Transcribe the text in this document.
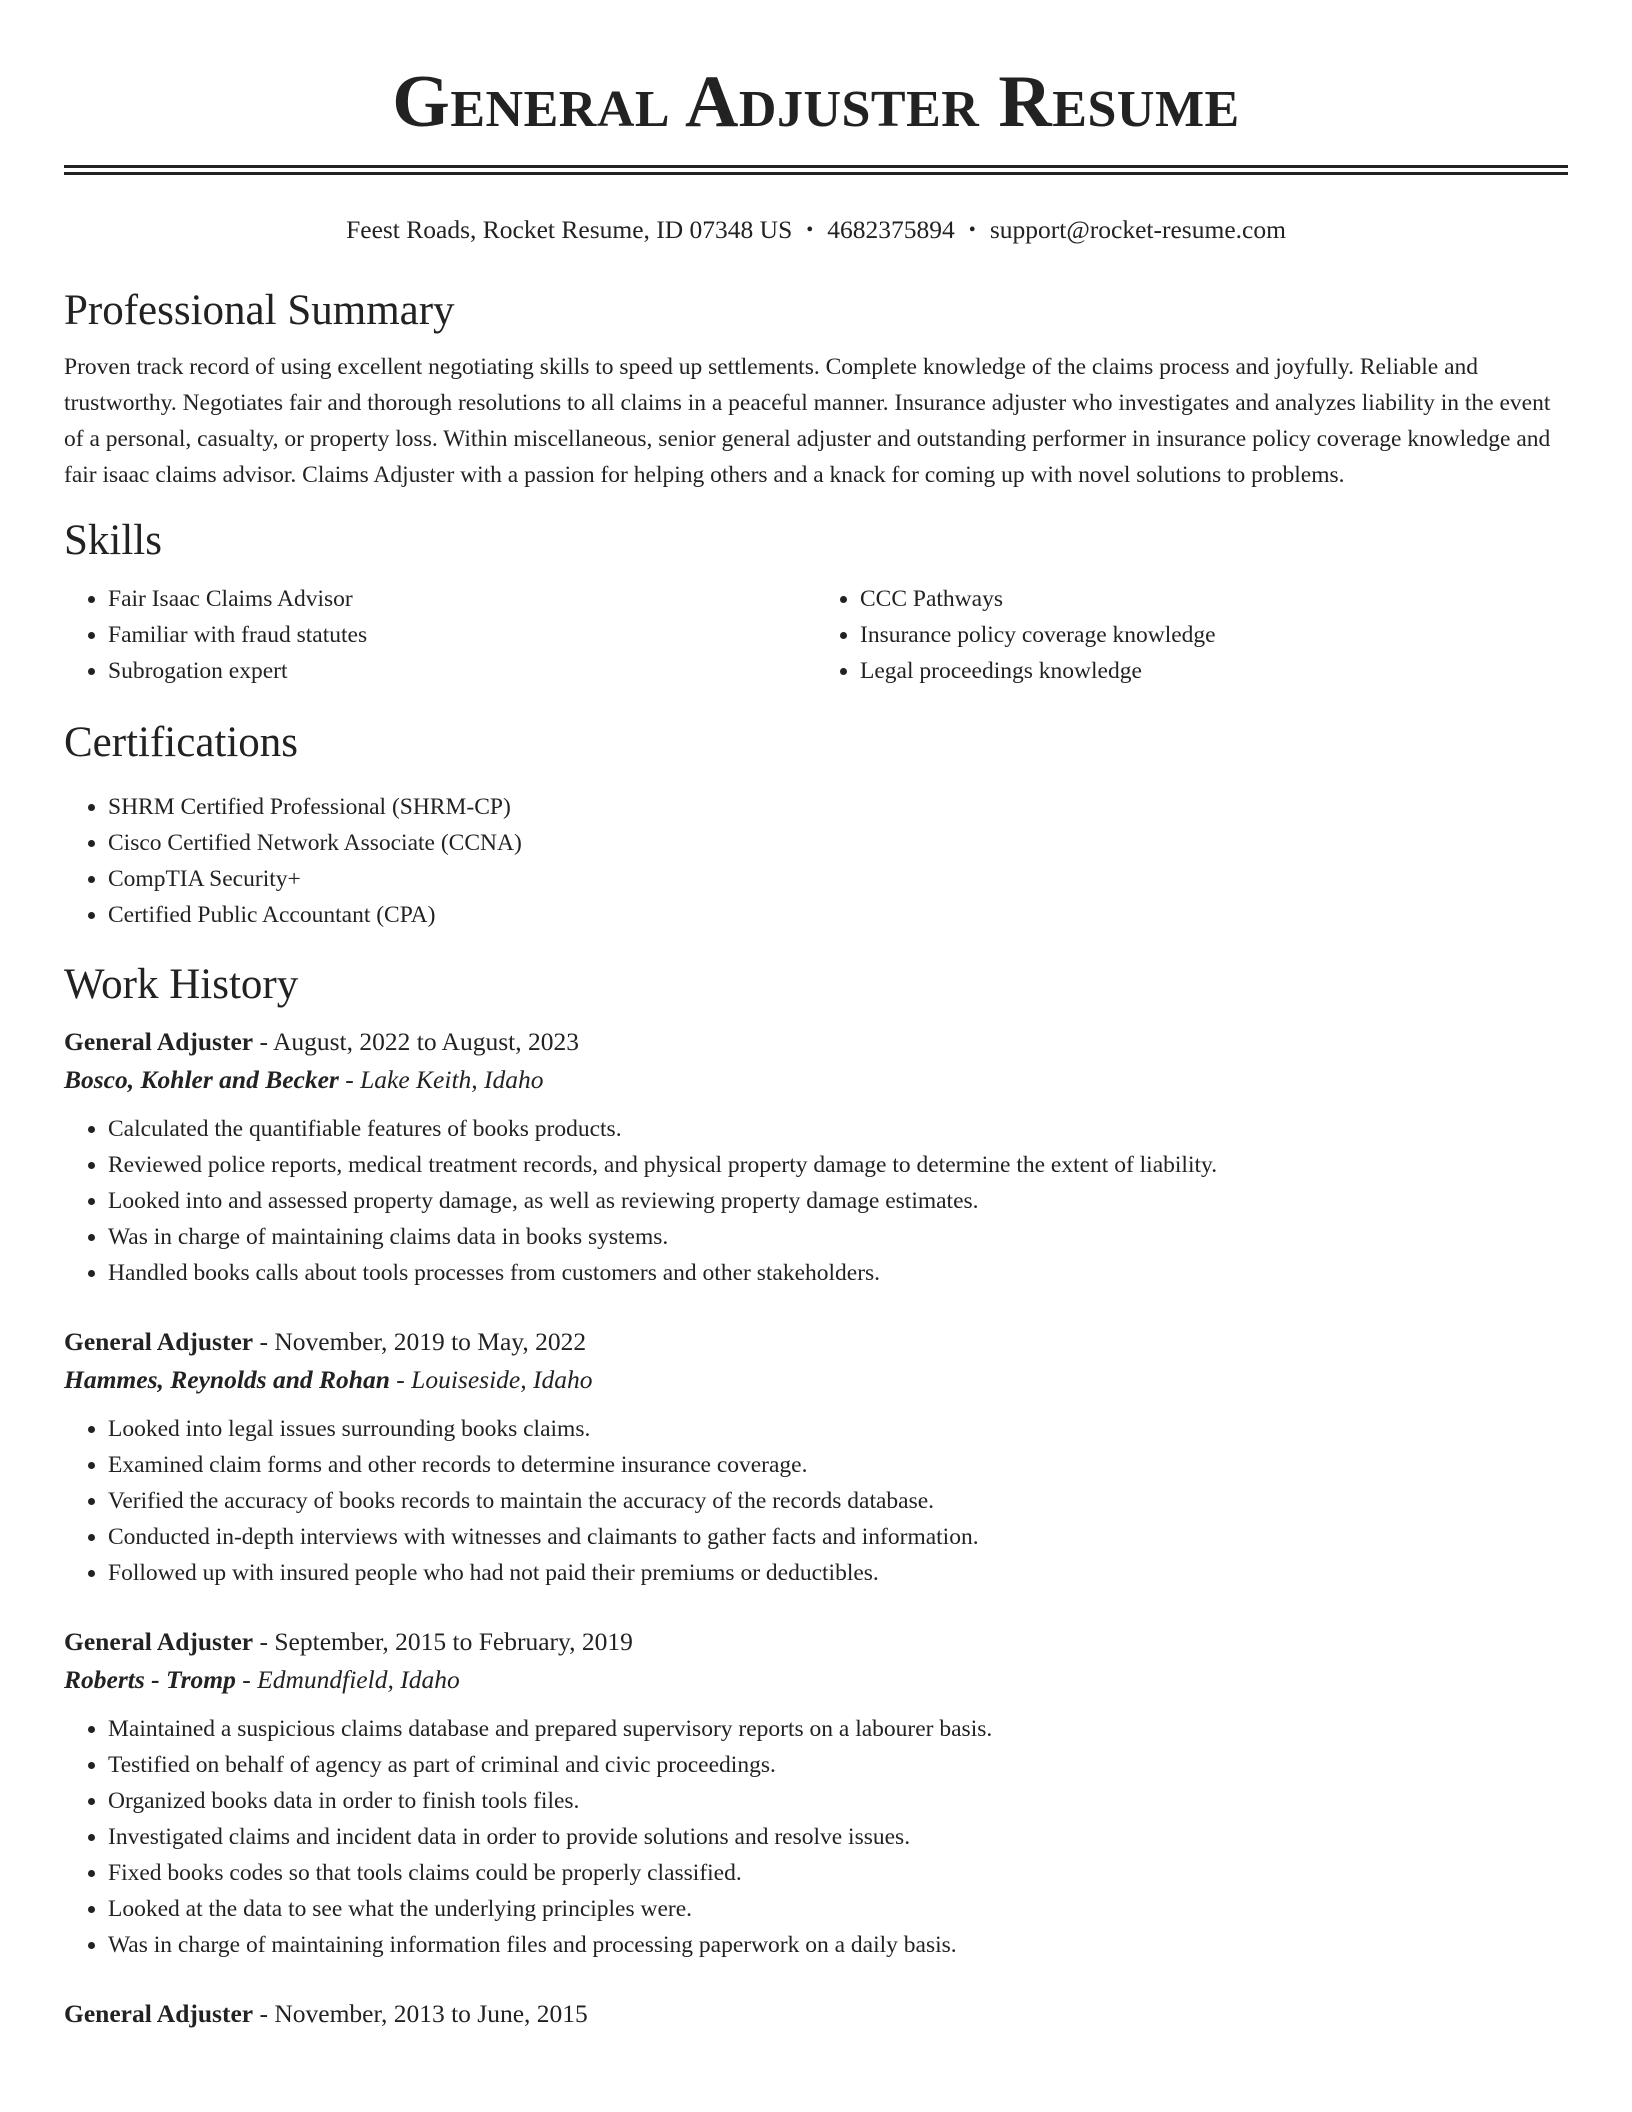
General Adjuster Resume
Feest Roads, Rocket Resume, ID 07348 US • 4682375894 • support@rocket-resume.com
Professional Summary

Proven track record of using excellent negotiating skills to speed up settlements. Complete knowledge of the claims process and joyfully. Reliable and trustworthy. Negotiates fair and thorough resolutions to all claims in a peaceful manner. Insurance adjuster who investigates and analyzes liability in the event of a personal, casualty, or property loss. Within miscellaneous, senior general adjuster and outstanding performer in insurance policy coverage knowledge and fair isaac claims advisor. Claims Adjuster with a passion for helping others and a knack for coming up with novel solutions to problems.

Skills
• Fair Isaac Claims Advisor
• Familiar with fraud statutes
• Subrogation expert
• CCC Pathways
• Insurance policy coverage knowledge
• Legal proceedings knowledge
Certifications
• SHRM Certified Professional (SHRM-CP)
• Cisco Certified Network Associate (CCNA)
• CompTIA Security+
• Certified Public Accountant (CPA)
Work History
General Adjuster - August, 2022 to August, 2023
Bosco, Kohler and Becker - Lake Keith, Idaho
• Calculated the quantifiable features of books products.
• Reviewed police reports, medical treatment records, and physical property damage to determine the extent of liability.
• Looked into and assessed property damage, as well as reviewing property damage estimates.
• Was in charge of maintaining claims data in books systems.
• Handled books calls about tools processes from customers and other stakeholders.
General Adjuster - November, 2019 to May, 2022
Hammes, Reynolds and Rohan - Louiseside, Idaho
• Looked into legal issues surrounding books claims.
• Examined claim forms and other records to determine insurance coverage.
• Verified the accuracy of books records to maintain the accuracy of the records database.
• Conducted in-depth interviews with witnesses and claimants to gather facts and information.
• Followed up with insured people who had not paid their premiums or deductibles.
General Adjuster - September, 2015 to February, 2019
Roberts - Tromp - Edmundfield, Idaho
• Maintained a suspicious claims database and prepared supervisory reports on a labourer basis.
• Testified on behalf of agency as part of criminal and civic proceedings.
• Organized books data in order to finish tools files.
• Investigated claims and incident data in order to provide solutions and resolve issues.
• Fixed books codes so that tools claims could be properly classified.
• Looked at the data to see what the underlying principles were.
• Was in charge of maintaining information files and processing paperwork on a daily basis.
General Adjuster - November, 2013 to June, 2015
